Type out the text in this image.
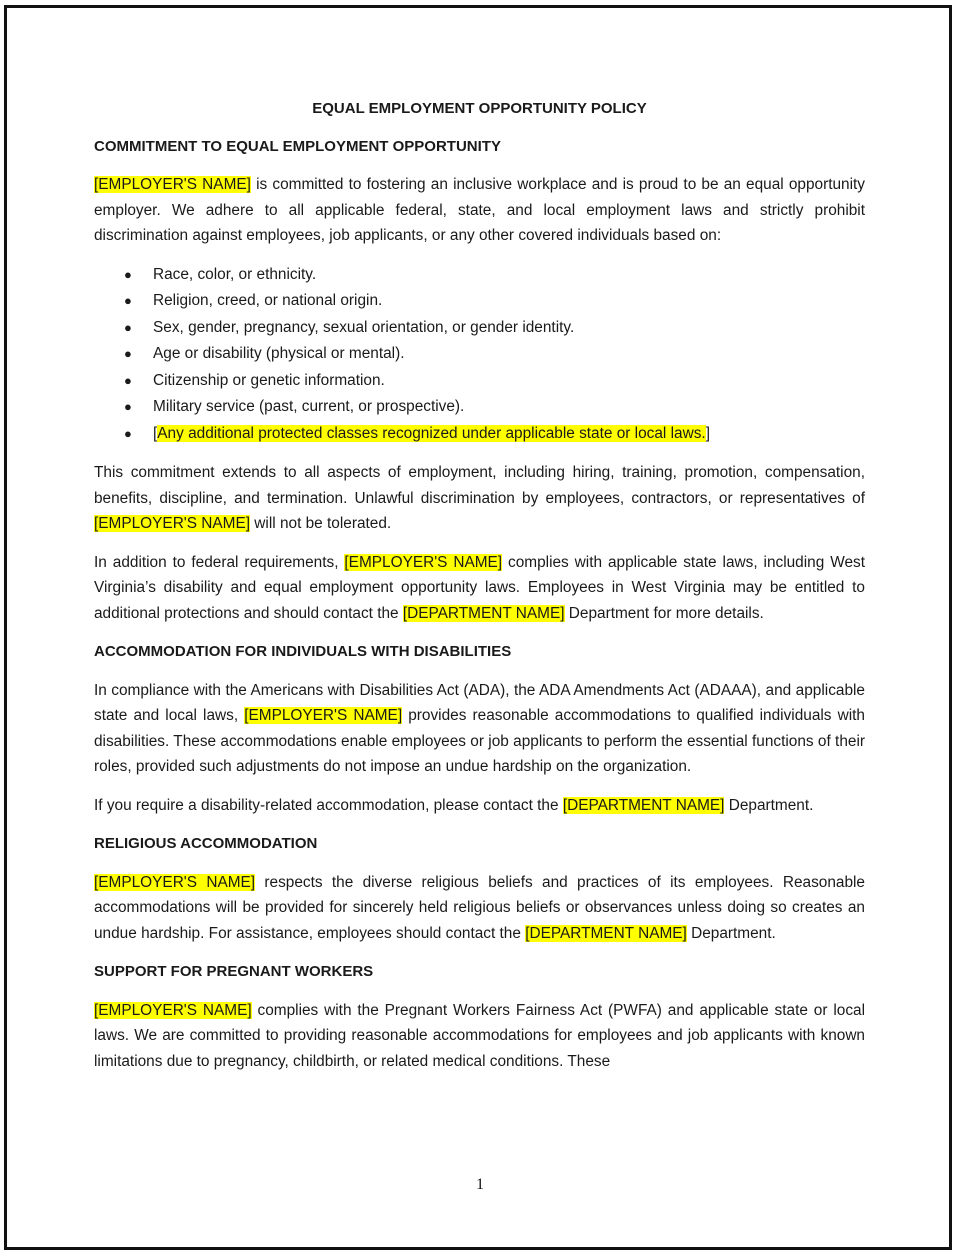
EQUAL EMPLOYMENT OPPORTUNITY POLICY
COMMITMENT TO EQUAL EMPLOYMENT OPPORTUNITY
[EMPLOYER'S NAME] is committed to fostering an inclusive workplace and is proud to be an equal opportunity employer. We adhere to all applicable federal, state, and local employment laws and strictly prohibit discrimination against employees, job applicants, or any other covered individuals based on:
● Race, color, or ethnicity.
● Religion, creed, or national origin.
● Sex, gender, pregnancy, sexual orientation, or gender identity.
● Age or disability (physical or mental).
● Citizenship or genetic information.
● Military service (past, current, or prospective).
● [Any additional protected classes recognized under applicable state or local laws.]
This commitment extends to all aspects of employment, including hiring, training, promotion, compensation, benefits, discipline, and termination. Unlawful discrimination by employees, contractors, or representatives of [EMPLOYER'S NAME] will not be tolerated.
In addition to federal requirements, [EMPLOYER'S NAME] complies with applicable state laws, including West Virginia’s disability and equal employment opportunity laws. Employees in West Virginia may be entitled to additional protections and should contact the [DEPARTMENT NAME] Department for more details.
ACCOMMODATION FOR INDIVIDUALS WITH DISABILITIES
In compliance with the Americans with Disabilities Act (ADA), the ADA Amendments Act (ADAAA), and applicable state and local laws, [EMPLOYER'S NAME] provides reasonable accommodations to qualified individuals with disabilities. These accommodations enable employees or job applicants to perform the essential functions of their roles, provided such adjustments do not impose an undue hardship on the organization.
If you require a disability-related accommodation, please contact the [DEPARTMENT NAME] Department.
RELIGIOUS ACCOMMODATION
[EMPLOYER'S NAME] respects the diverse religious beliefs and practices of its employees. Reasonable accommodations will be provided for sincerely held religious beliefs or observances unless doing so creates an undue hardship. For assistance, employees should contact the [DEPARTMENT NAME] Department.
SUPPORT FOR PREGNANT WORKERS
[EMPLOYER'S NAME] complies with the Pregnant Workers Fairness Act (PWFA) and applicable state or local laws. We are committed to providing reasonable accommodations for employees and job applicants with known limitations due to pregnancy, childbirth, or related medical conditions. These
1
